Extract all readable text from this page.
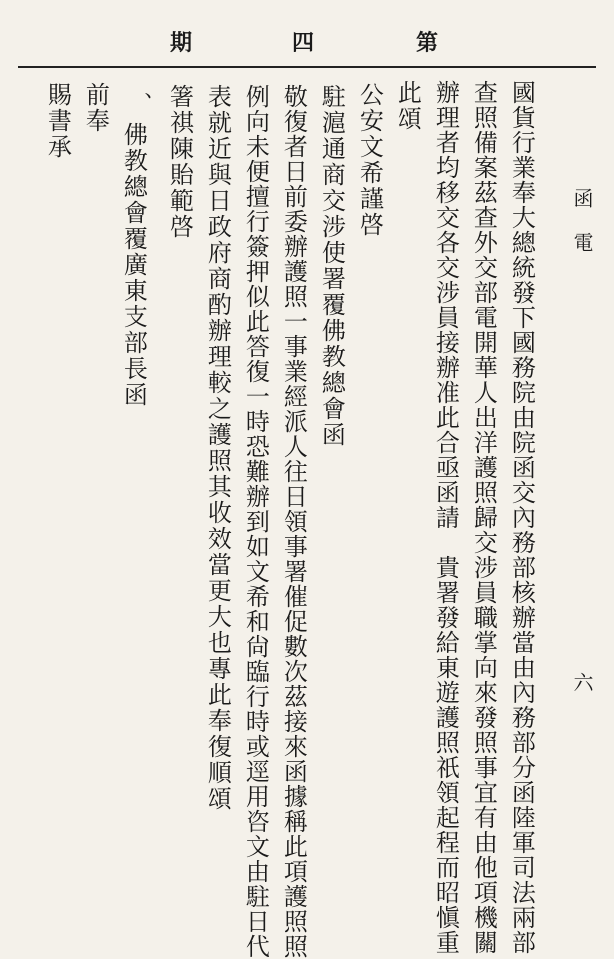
第
四
期
函
電
六
國貨行業奉大總統發下國務院由院函交內務部核辦當由內務部分函陸軍司法兩部
查照備案茲查外交部電開華人出洋護照歸交涉員職掌向來發照事宜有由他項機關
辦理者均移交各交涉員接辦准此合亟函請　貴署發給東遊護照祇領起程而昭愼重
此頌
公安文希謹啓
駐滬通商交涉使署覆佛教總會函
敬復者日前委辦護照一事業經派人往日領事署催促數次茲接來函據稱此項護照照
例向未便擅行簽押似此答復一時恐難辦到如文希和尙臨行時或逕用咨文由駐日代
表就近與日政府商酌辦理較之護照其收效當更大也專此奉復順頌
箸祺陳貽範啓
、
佛教總會覆廣東支部長函
前奉
賜書承
